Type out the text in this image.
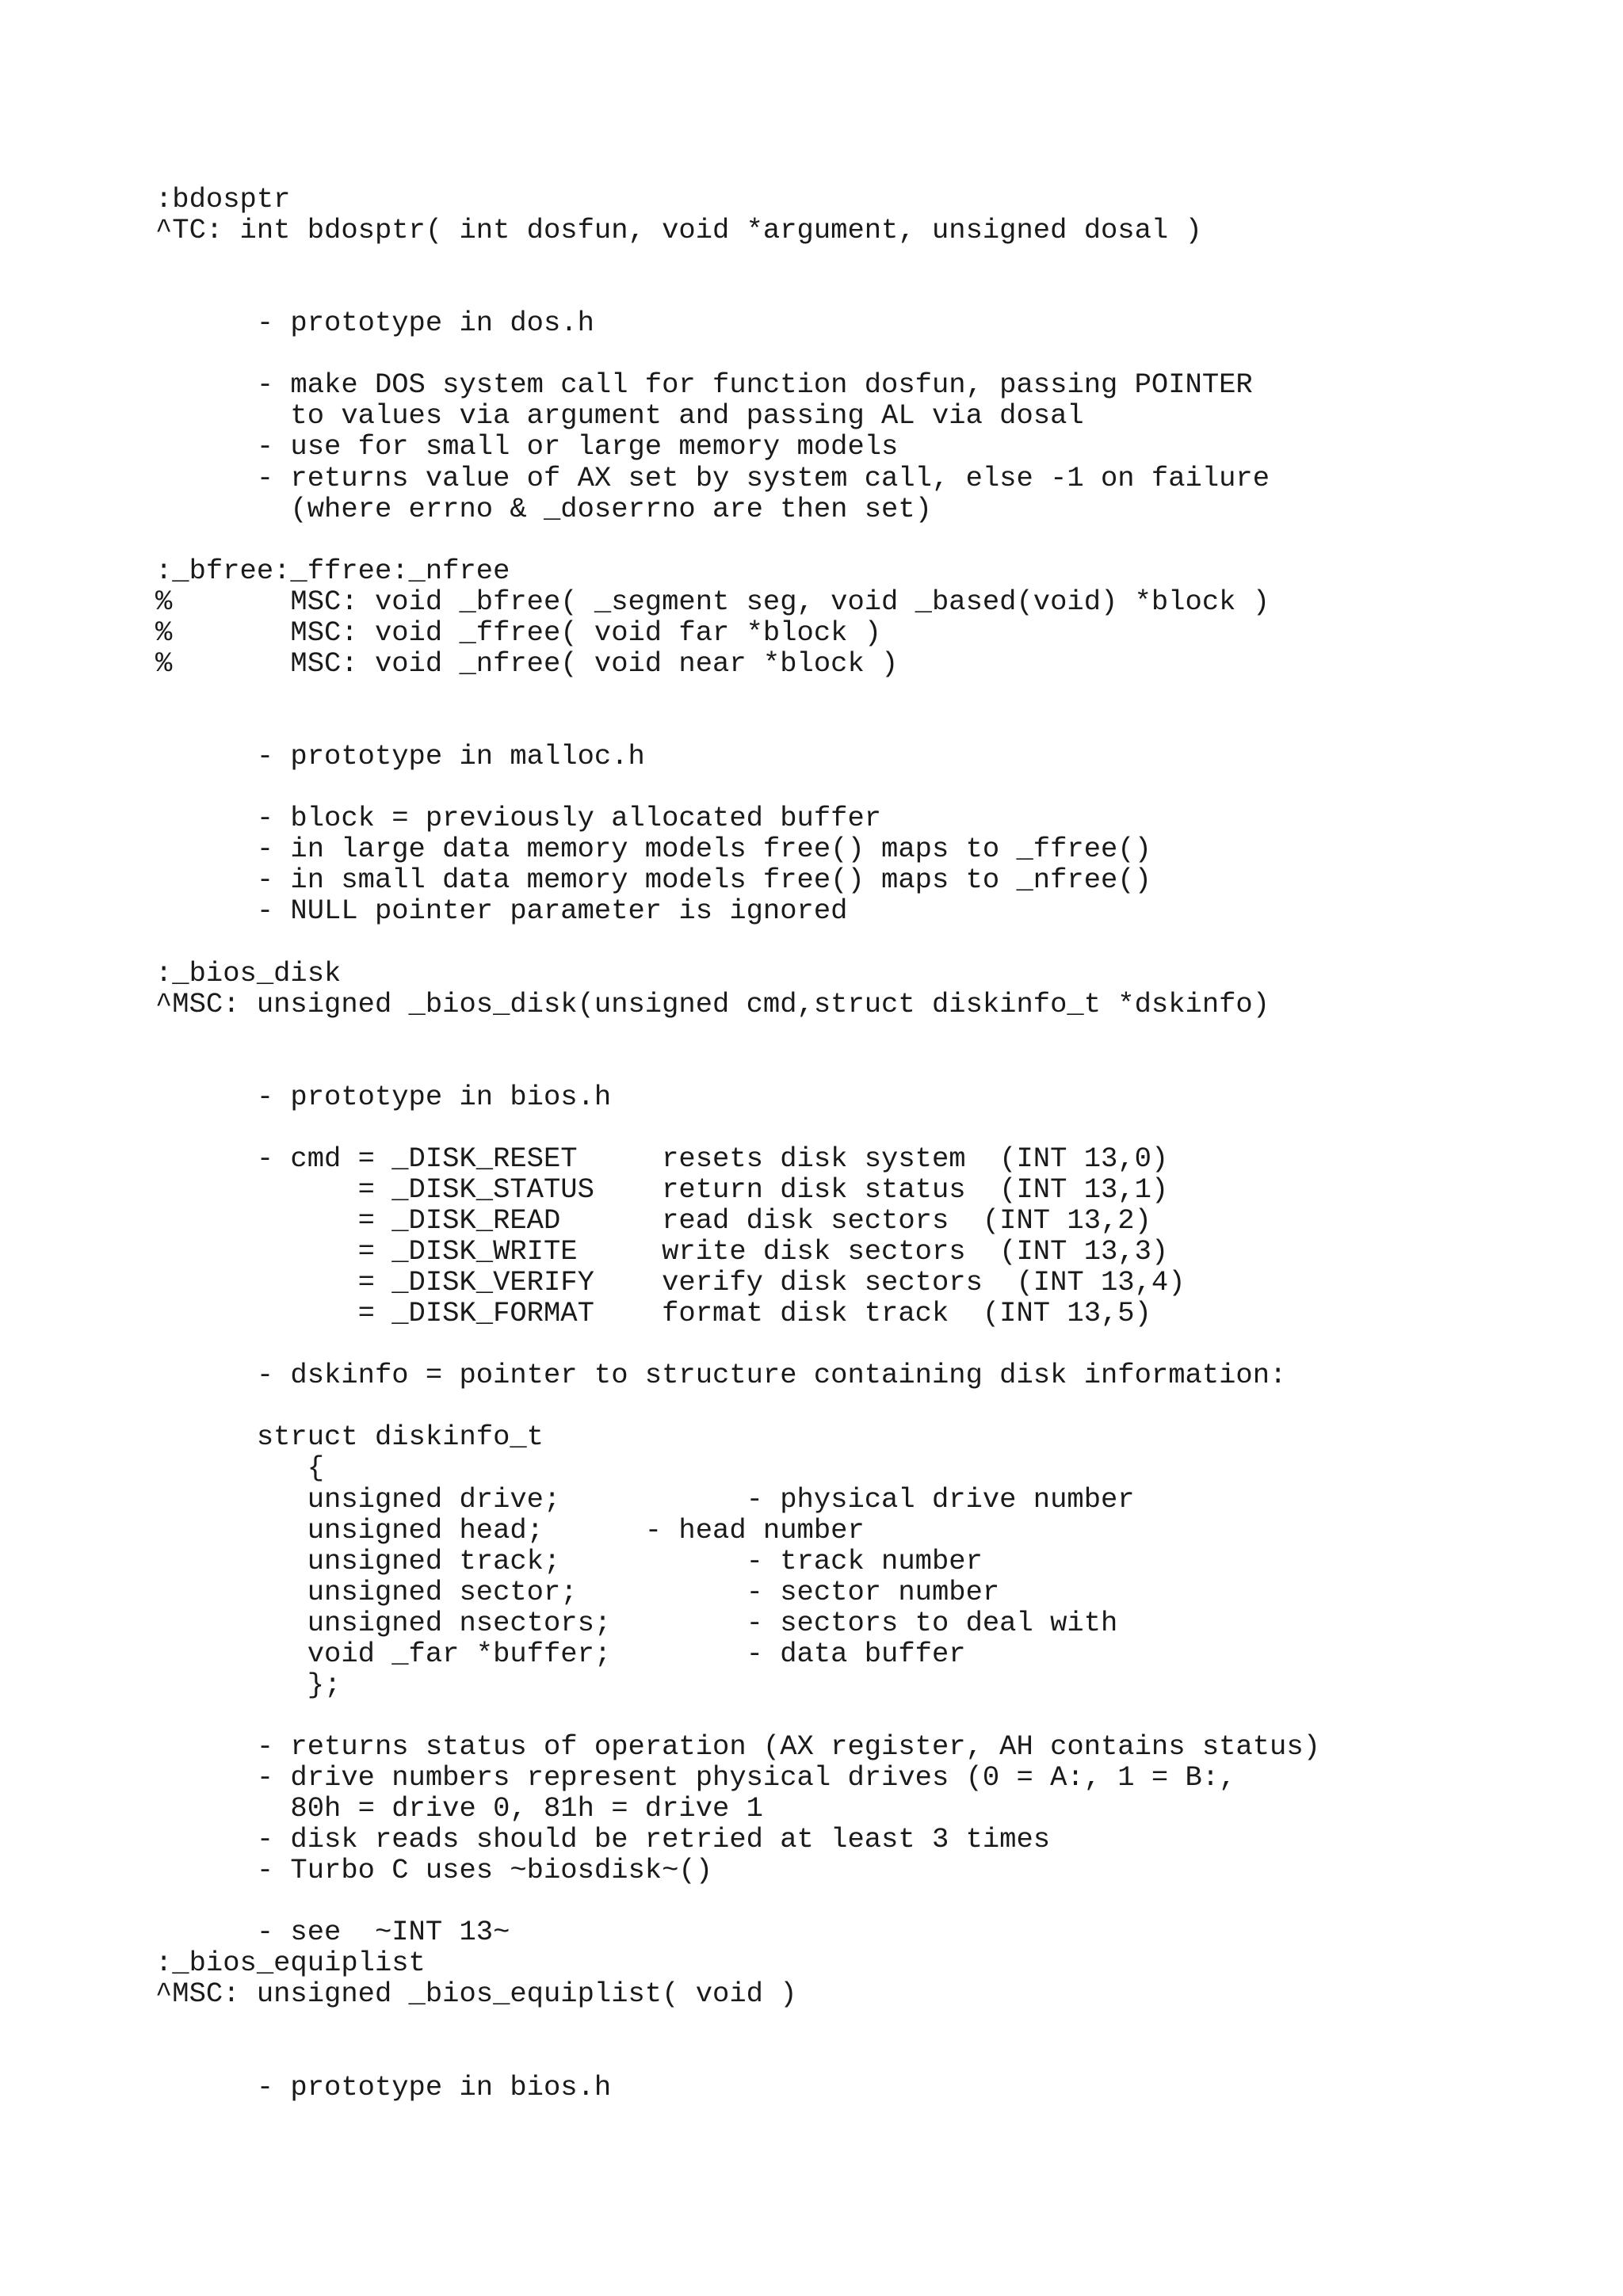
:bdosptr
^TC: int bdosptr( int dosfun, void *argument, unsigned dosal )
- prototype in dos.h
- make DOS system call for function dosfun, passing POINTER
to values via argument and passing AL via dosal
- use for small or large memory models
- returns value of AX set by system call, else -1 on failure
(where errno & _doserrno are then set)
:_bfree:_ffree:_nfree
%       MSC: void _bfree( _segment seg, void _based(void) *block )
%       MSC: void _ffree( void far *block )
%       MSC: void _nfree( void near *block )
- prototype in malloc.h
- block = previously allocated buffer
- in large data memory models free() maps to _ffree()
- in small data memory models free() maps to _nfree()
- NULL pointer parameter is ignored
:_bios_disk
^MSC: unsigned _bios_disk(unsigned cmd,struct diskinfo_t *dskinfo)
- prototype in bios.h
- cmd = _DISK_RESET     resets disk system  (INT 13,0)
= _DISK_STATUS    return disk status  (INT 13,1)
= _DISK_READ      read disk sectors  (INT 13,2)
= _DISK_WRITE     write disk sectors  (INT 13,3)
= _DISK_VERIFY    verify disk sectors  (INT 13,4)
= _DISK_FORMAT    format disk track  (INT 13,5)
- dskinfo = pointer to structure containing disk information:
struct diskinfo_t
{
unsigned drive;           - physical drive number
unsigned head;      - head number
unsigned track;           - track number
unsigned sector;          - sector number
unsigned nsectors;        - sectors to deal with
void _far *buffer;        - data buffer
};
- returns status of operation (AX register, AH contains status)
- drive numbers represent physical drives (0 = A:, 1 = B:,
80h = drive 0, 81h = drive 1
- disk reads should be retried at least 3 times
- Turbo C uses ~biosdisk~()
- see  ~INT 13~
:_bios_equiplist
^MSC: unsigned _bios_equiplist( void )
- prototype in bios.h
